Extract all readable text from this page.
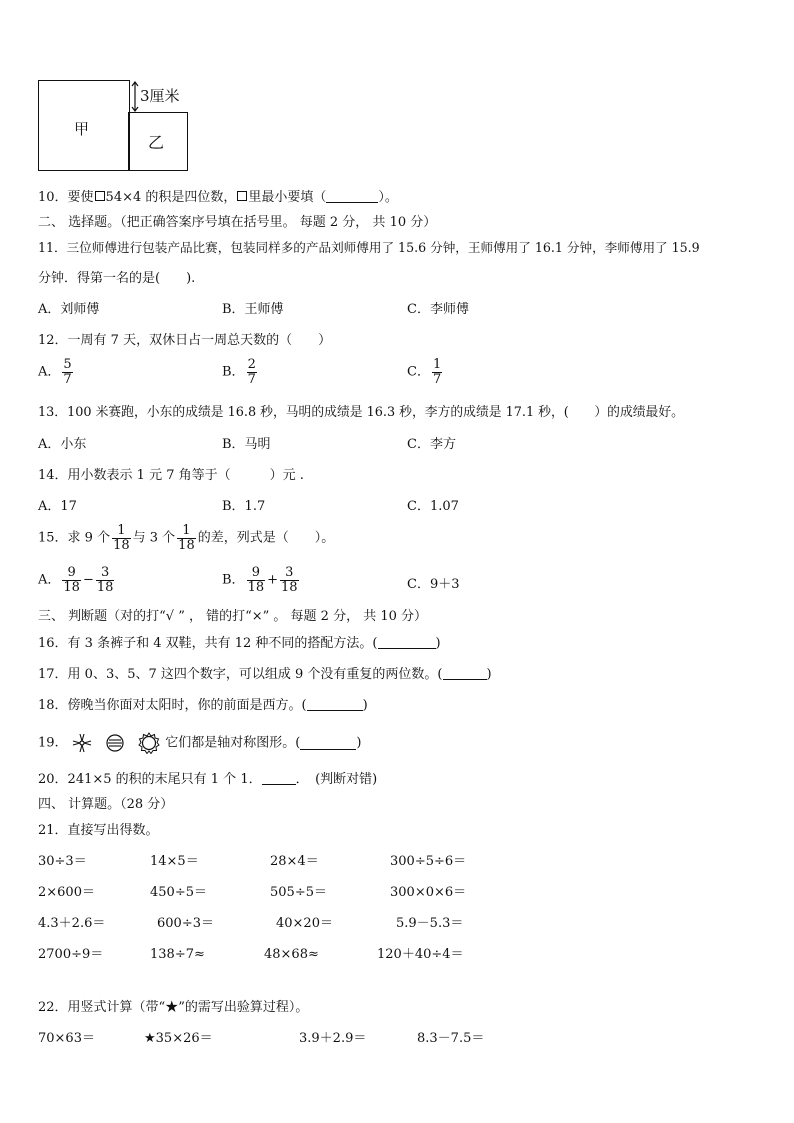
甲
乙
3厘米
10．要使 54×4 的积是四位数， 里最小要填（	）。
二、 选择题。（把正确答案序号填在括号里。 每题 2 分， 共 10 分）
11．三位师傅进行包装产品比赛，包装同样多的产品刘师傅用了 15.6 分钟，王师傅用了 16.1 分钟，李师傅用了 15.9
分钟．得第一名的是(　　).
A．刘师傅	B．王师傅	C．李师傅
12．一周有 7 天，双休日占一周总天数的（　　）
A． $\frac{5}{7}$	B． $\frac{2}{7}$	C． $\frac{1}{7}$
13．100 米赛跑，小东的成绩是 16.8 秒，马明的成绩是 16.3 秒，李方的成绩是 17.1 秒，(　　）的成绩最好。
A．小东	B．马明	C．李方
14．用小数表示 1 元 7 角等于（　　　）元 .
A．17	B．1.7	C．1.07
15．求 9 个 $\frac{1}{18}$ 与 3 个 $\frac{1}{18}$ 的差，列式是（　　）。
A． $\frac{9}{18} - \frac{3}{18}$	B． $\frac{9}{18} + \frac{3}{18}$	C．9＋3
三、 判断题（对的打“√ ” ， 错的打“×” 。 每题 2 分， 共 10 分）
16．有 3 条裤子和 4 双鞋，共有 12 种不同的搭配方法。(	)
17．用 0、3、5、7 这四个数字，可以组成 9 个没有重复的两位数。(	)
18．傍晚当你面对太阳时，你的前面是西方。(	)
19.	它们都是轴对称图形。(	)
20．241×5 的积的末尾只有 1 个 1．	．　(判断对错)
四、 计算题。（28 分）
21．直接写出得数。
30÷3＝	14×5＝	28×4＝	300÷5÷6＝
2×600＝	450÷5＝	505÷5＝	300×0×6＝
4.3＋2.6＝	600÷3＝	40×20＝	5.9－5.3＝
2700÷9＝	138÷7≈	48×68≈	120＋40÷4＝
22．用竖式计算（带“★”的需写出验算过程）。
70×63＝	★35×26＝	3.9＋2.9＝	8.3－7.5＝
